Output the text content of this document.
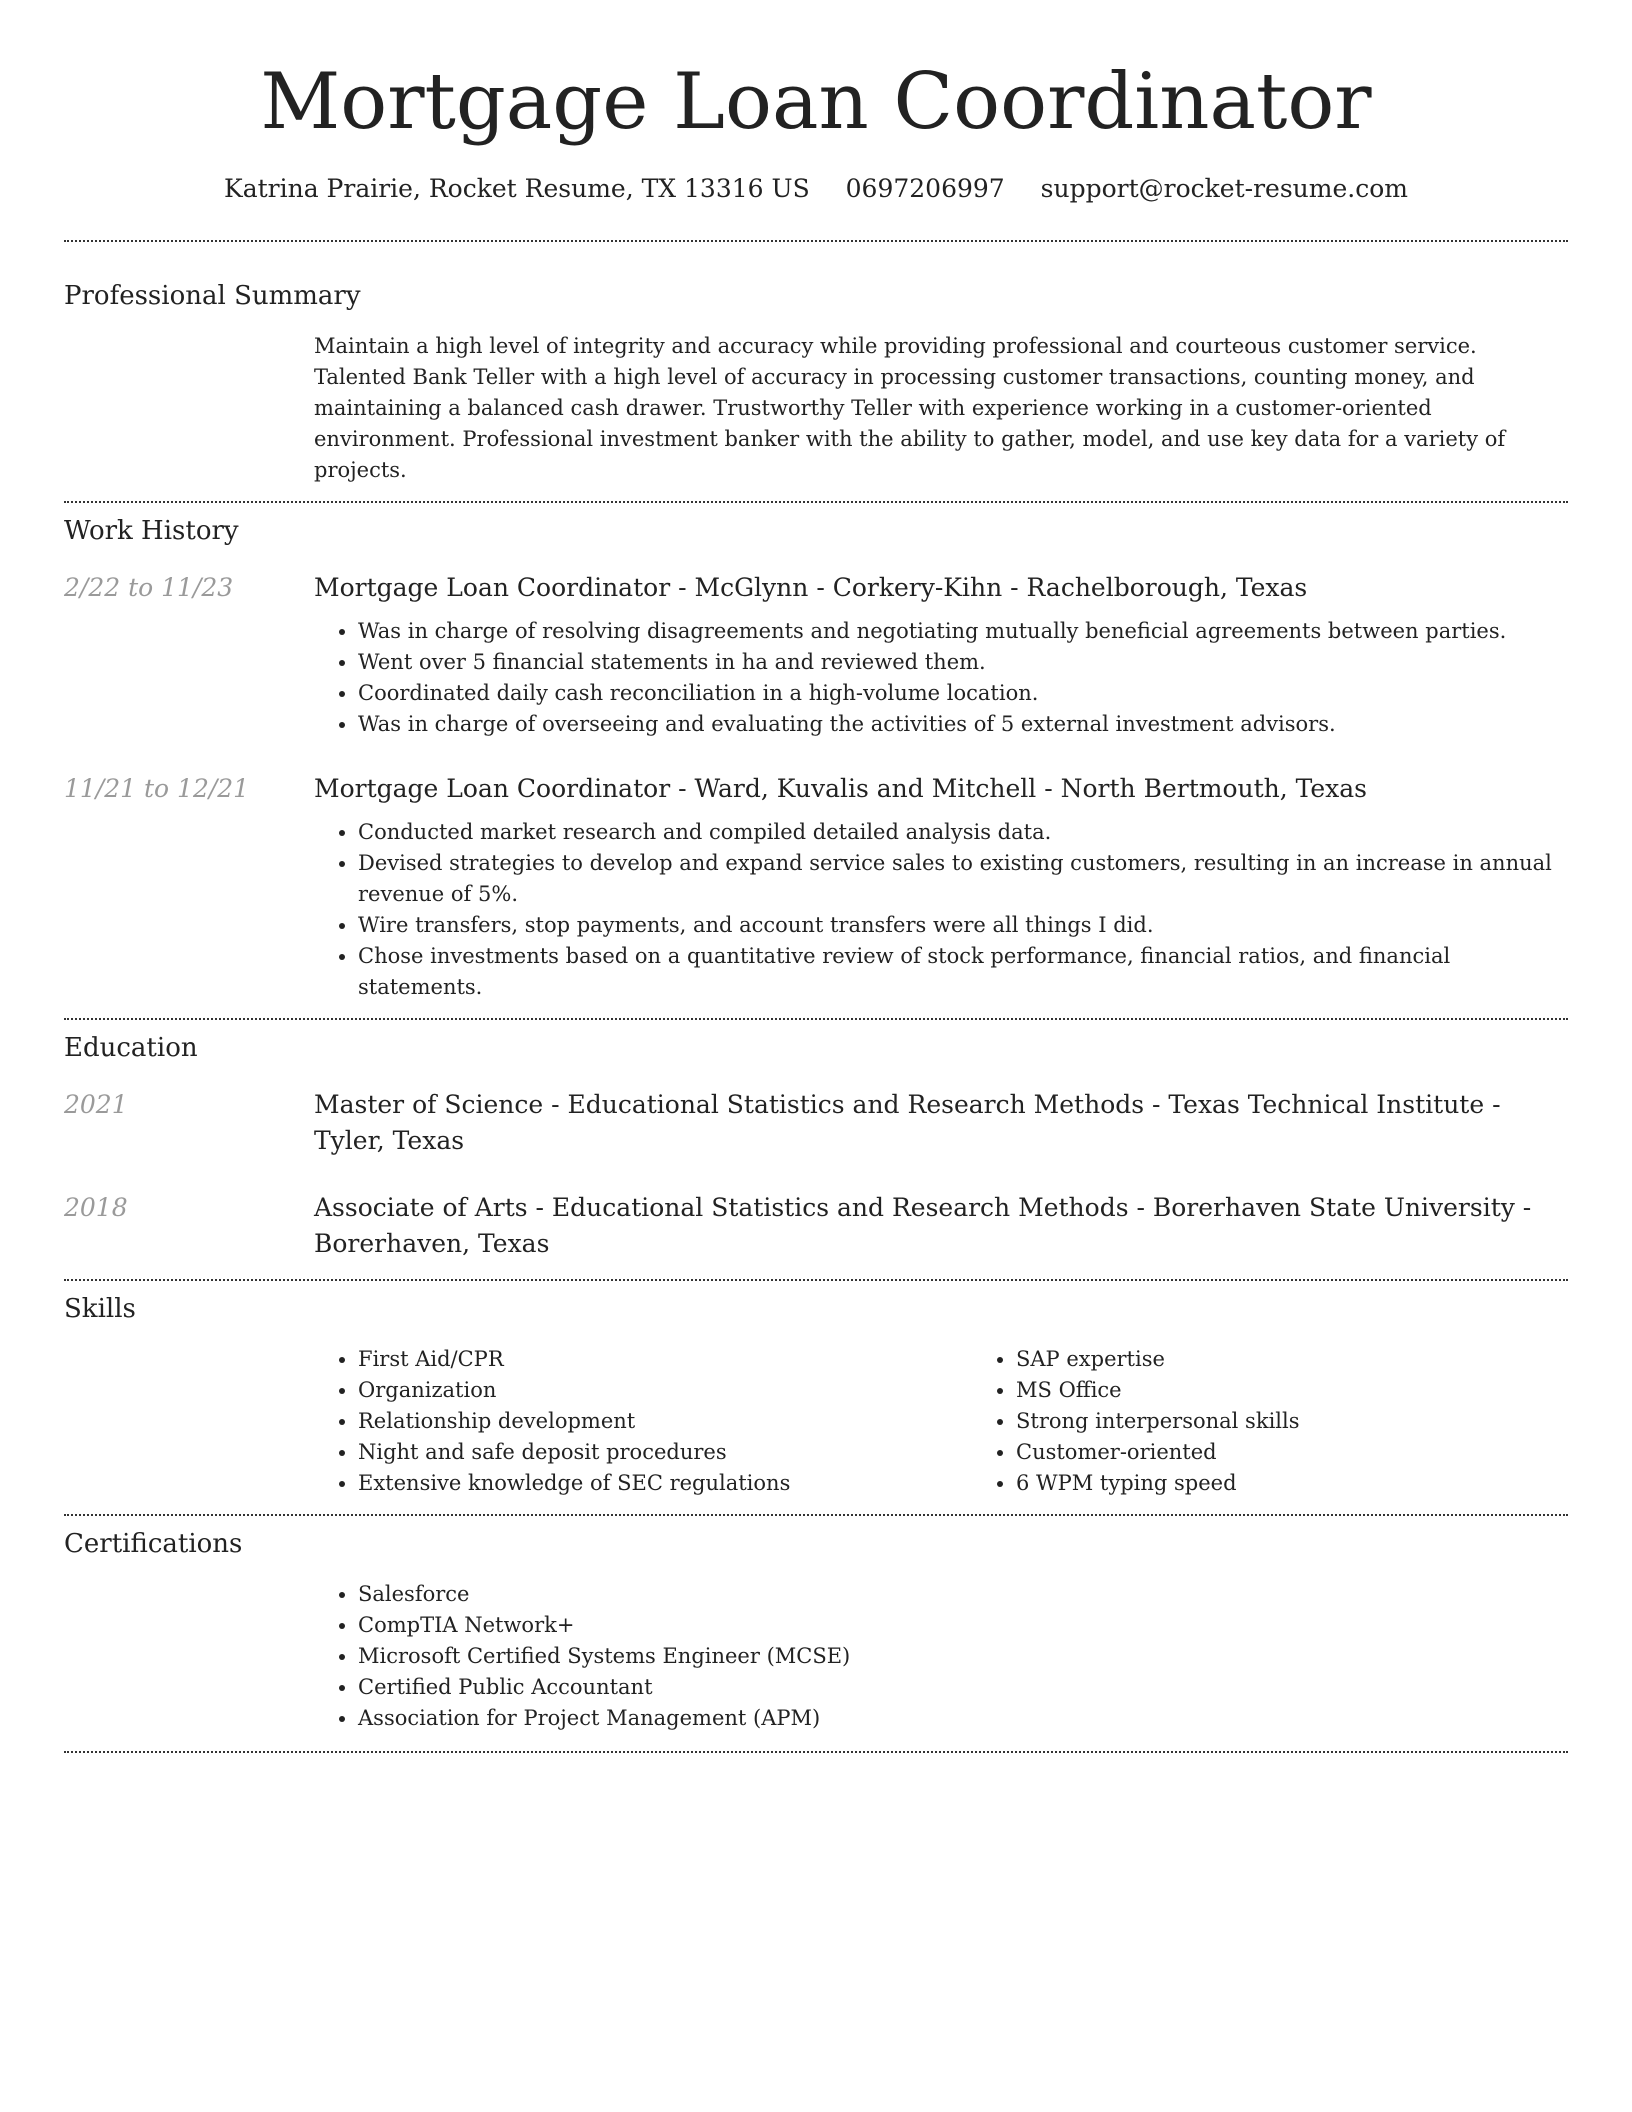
Mortgage Loan Coordinator
Katrina Prairie, Rocket Resume, TX 13316 US 0697206997 support@rocket-resume.com
Professional Summary

Maintain a high level of integrity and accuracy while providing professional and courteous customer service. Talented Bank Teller with a high level of accuracy in processing customer transactions, counting money, and maintaining a balanced cash drawer. Trustworthy Teller with experience working in a customer-oriented environment. Professional investment banker with the ability to gather, model, and use key data for a variety of projects.

Work History
2/22 to 11/23	Mortgage Loan Coordinator - McGlynn - Corkery-Kihn - Rachelborough, Texas
• Was in charge of resolving disagreements and negotiating mutually beneficial agreements between parties.
• Went over 5 financial statements in ha and reviewed them.
• Coordinated daily cash reconciliation in a high-volume location.
• Was in charge of overseeing and evaluating the activities of 5 external investment advisors.
11/21 to 12/21	Mortgage Loan Coordinator - Ward, Kuvalis and Mitchell - North Bertmouth, Texas
• Conducted market research and compiled detailed analysis data.
• Devised strategies to develop and expand service sales to existing customers, resulting in an increase in annual revenue of 5%.
• Wire transfers, stop payments, and account transfers were all things I did.
• Chose investments based on a quantitative review of stock performance, financial ratios, and financial statements.
Education
2021	Master of Science - Educational Statistics and Research Methods - Texas Technical Institute - Tyler, Texas
2018	Associate of Arts - Educational Statistics and Research Methods - Borerhaven State University - Borerhaven, Texas
Skills
• First Aid/CPR
• Organization
• Relationship development
• Night and safe deposit procedures
• Extensive knowledge of SEC regulations
• SAP expertise
• MS Office
• Strong interpersonal skills
• Customer-oriented
• 6 WPM typing speed
Certifications
• Salesforce
• CompTIA Network+
• Microsoft Certified Systems Engineer (MCSE)
• Certified Public Accountant
• Association for Project Management (APM)
